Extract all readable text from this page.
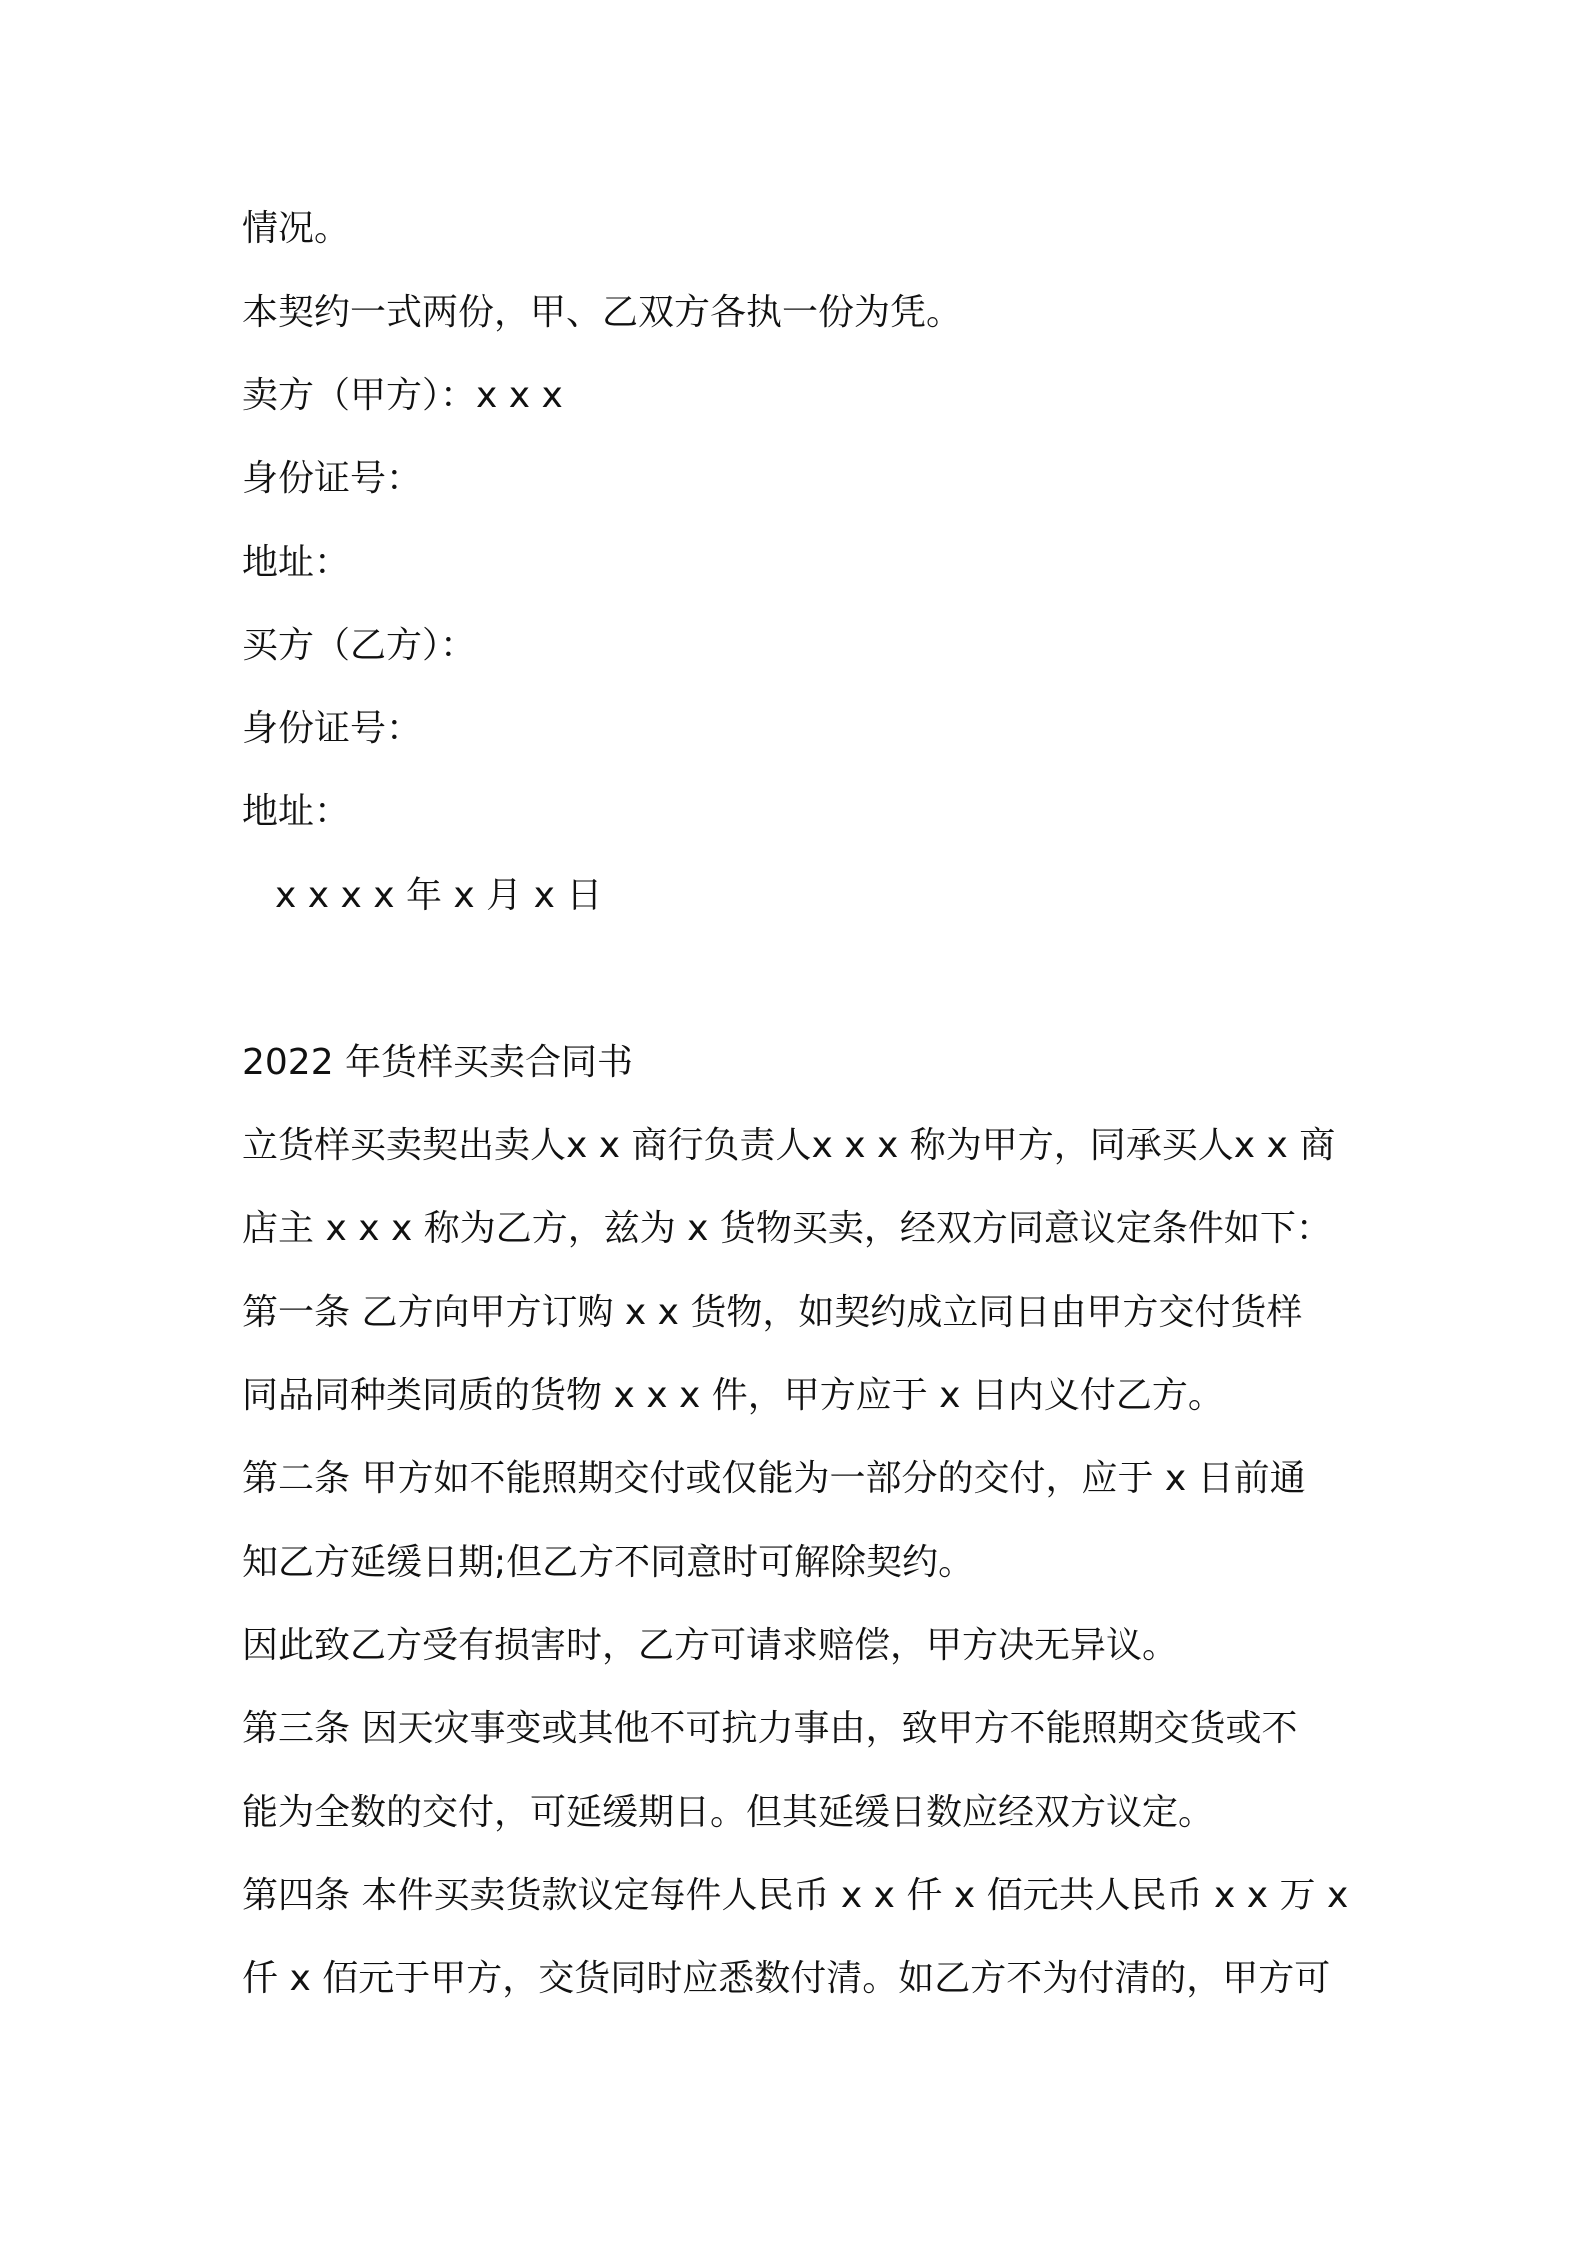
情况。
本契约一式两份，甲、乙双方各执一份为凭。
卖方（甲方）：x x x
身份证号：
地址：
买方（乙方）：
身份证号：
地址：
x x x x 年 x 月 x 日
2022 年货样买卖合同书
立货样买卖契出卖人x x 商行负责人x x x 称为甲方，同承买人x x 商
店主 x x x 称为乙方，兹为 x 货物买卖，经双方同意议定条件如下：
第一条 乙方向甲方订购 x x 货物，如契约成立同日由甲方交付货样
同品同种类同质的货物 x x x 件，甲方应于 x 日内义付乙方。
第二条 甲方如不能照期交付或仅能为一部分的交付，应于 x 日前通
知乙方延缓日期;但乙方不同意时可解除契约。
因此致乙方受有损害时，乙方可请求赔偿，甲方决无异议。
第三条 因天灾事变或其他不可抗力事由，致甲方不能照期交货或不
能为全数的交付，可延缓期日。但其延缓日数应经双方议定。
第四条 本件买卖货款议定每件人民币 x x 仟 x 佰元共人民币 x x 万 x
仟 x 佰元于甲方，交货同时应悉数付清。如乙方不为付清的，甲方可
